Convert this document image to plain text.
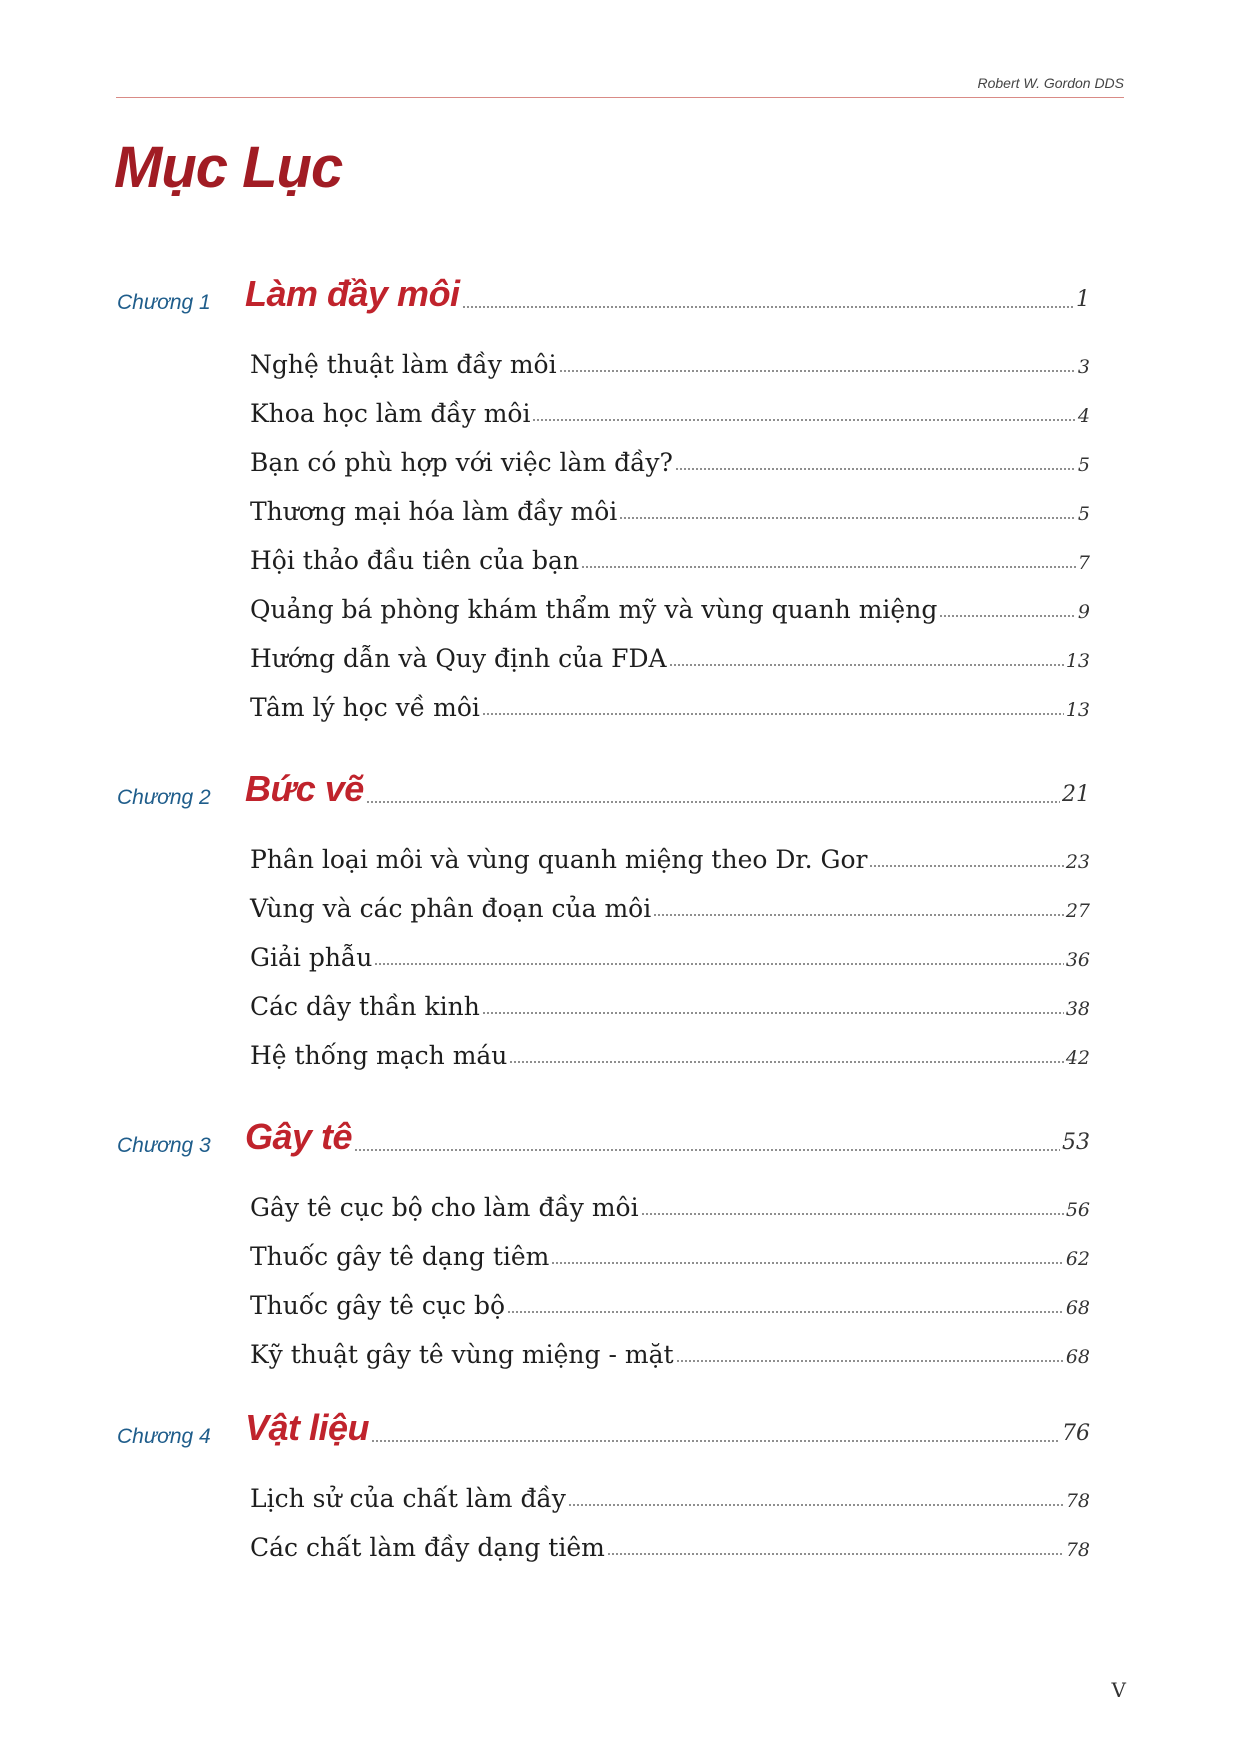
Robert W. Gordon DDS
Mục Lục
Chương 1 Làm đầy môi	1
Nghệ thuật làm đầy môi	3
Khoa học làm đầy môi	4
Bạn có phù hợp với việc làm đầy?	5
Thương mại hóa làm đầy môi	5
Hội thảo đầu tiên của bạn	7
Quảng bá phòng khám thẩm mỹ và vùng quanh miệng	9
Hướng dẫn và Quy định của FDA	13
Tâm lý học về môi	13
Chương 2 Bức vẽ	21
Phân loại môi và vùng quanh miệng theo Dr. Gor	23
Vùng và các phân đoạn của môi	27
Giải phẫu	36
Các dây thần kinh	38
Hệ thống mạch máu	42
Chương 3 Gây tê	53
Gây tê cục bộ cho làm đầy môi	56
Thuốc gây tê dạng tiêm	62
Thuốc gây tê cục bộ	68
Kỹ thuật gây tê vùng miệng - mặt	68
Chương 4 Vật liệu	76
Lịch sử của chất làm đầy	78
Các chất làm đầy dạng tiêm	78
V
